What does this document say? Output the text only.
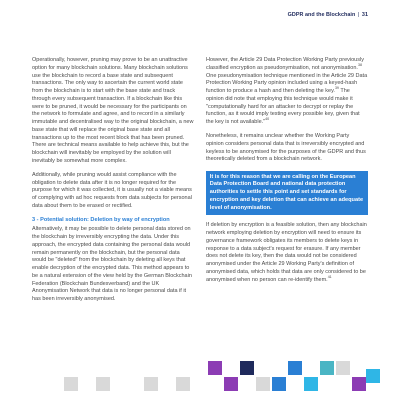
GDPR and the Blockchain | 31

Operationally, however, pruning may prove to be an unattractive option for many blockchain solutions. Many blockchain solutions use the blockchain to record a base state and subsequent transactions. The only way to ascertain the current world state from the blockchain is to start with the base state and track through every subsequent transaction. If a blockchain like this were to be pruned, it would be necessary for the participants on the network to formulate and agree, and to record in a similarly immutable and decentralised way to the original blockchain, a new base state that will replace the original base state and all transactions up to the most recent block that has been pruned. There are technical means available to help achieve this, but the blockchain will inevitably be employed by the solution will inevitably be somewhat more complex.

Additionally, while pruning would assist compliance with the obligation to delete data after it is no longer required for the purpose for which it was collected, it is usually not a viable means of complying with ad hoc requests from data subjects for personal data about them to be erased or rectified.

3 - Potential solution: Deletion by way of encryption

Alternatively, it may be possible to delete personal data stored on the blockchain by irreversibly encrypting the data. Under this approach, the encrypted data containing the personal data would remain permanently on the blockchain, but the personal data would be "deleted" from the blockchain by deleting all keys that enable decryption of the encrypted data. This method appears to be a natural extension of the view held by the German Blockchain Federation (Blockchain Bundesverband) and the UK Anonymisation Network that data is no longer personal data if it has been irreversibly anonymised.

However, the Article 29 Data Protection Working Party previously classified encryption as pseudonymisation, not anonymisation.$^{38}$ One pseudonymisation technique mentioned in the Article 29 Data Protection Working Party opinion included using a keyed-hash function to produce a hash and then deleting the key.$^{39}$ The opinion did note that employing this technique would make it "computationally hard for an attacker to decrypt or replay the function, as it would imply testing every possible key, given that the key is not available."$^{40}$

Nonetheless, it remains unclear whether the Working Party opinion considers personal data that is irreversibly encrypted and keyless to be anonymised for the purposes of the GDPR and thus theoretically deleted from a blockchain network.

It is for this reason that we are calling on the European Data Protection Board and national data protection authorities to settle this point and set standards for encryption and key deletion that can achieve an adequate level of anonymisation.

If deletion by encryption is a feasible solution, then any blockchain network employing deletion by encryption will need to ensure its governance framework obligates its members to delete keys in response to a data subject's request for erasure. If any member does not delete its key, then the data would not be considered anonymised under the Article 29 Working Party's definition of anonymised data, which holds that data are only considered to be anonymised when no person can re-identify them.$^{41}$
